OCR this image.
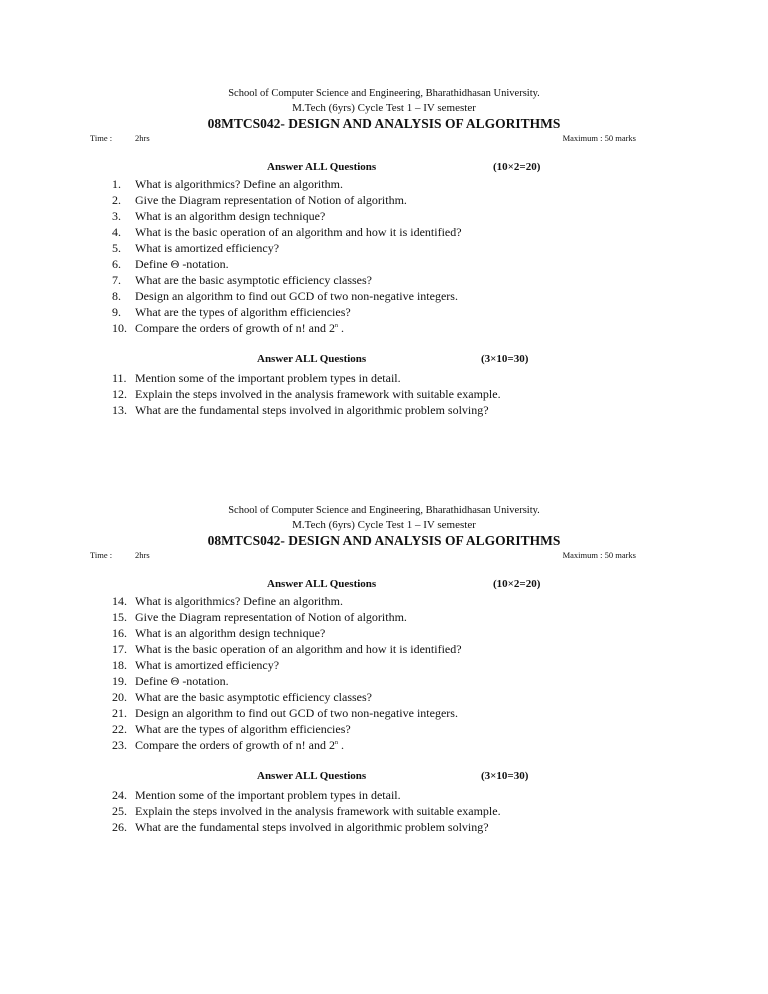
School of Computer Science and Engineering, Bharathidhasan University.
M.Tech (6yrs) Cycle Test 1 – IV semester
08MTCS042- DESIGN AND ANALYSIS OF ALGORITHMS
Time :	2hrs	Maximum : 50 marks
Answer ALL Questions	(10×2=20)
1. What is algorithmics? Define an algorithm.
2. Give the Diagram representation of Notion of algorithm.
3. What is an algorithm design technique?
4. What is the basic operation of an algorithm and how it is identified?
5. What is amortized efficiency?
6. Define Θ -notation.
7. What are the basic asymptotic efficiency classes?
8. Design an algorithm to find out GCD of two non-negative integers.
9. What are the types of algorithm efficiencies?
10. Compare the orders of growth of n! and 2$^n$ .
Answer ALL Questions	(3×10=30)
11. Mention some of the important problem types in detail.
12. Explain the steps involved in the analysis framework with suitable example.
13. What are the fundamental steps involved in algorithmic problem solving?
School of Computer Science and Engineering, Bharathidhasan University.
M.Tech (6yrs) Cycle Test 1 – IV semester
08MTCS042- DESIGN AND ANALYSIS OF ALGORITHMS
Time :	2hrs	Maximum : 50 marks
Answer ALL Questions	(10×2=20)
14. What is algorithmics? Define an algorithm.
15. Give the Diagram representation of Notion of algorithm.
16. What is an algorithm design technique?
17. What is the basic operation of an algorithm and how it is identified?
18. What is amortized efficiency?
19. Define Θ -notation.
20. What are the basic asymptotic efficiency classes?
21. Design an algorithm to find out GCD of two non-negative integers.
22. What are the types of algorithm efficiencies?
23. Compare the orders of growth of n! and 2$^n$ .
Answer ALL Questions	(3×10=30)
24. Mention some of the important problem types in detail.
25. Explain the steps involved in the analysis framework with suitable example.
26. What are the fundamental steps involved in algorithmic problem solving?
